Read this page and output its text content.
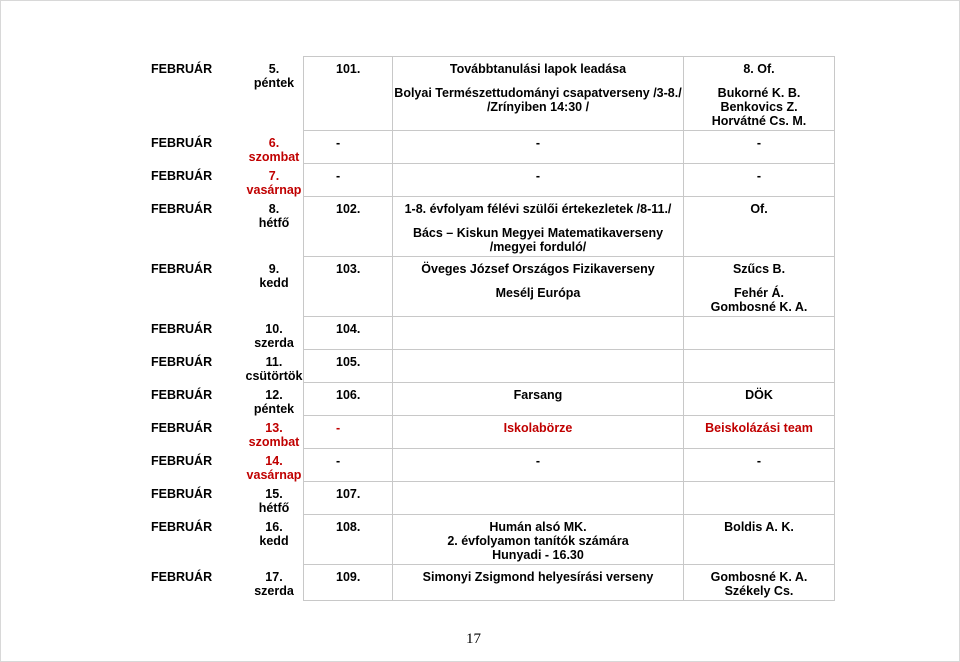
FEBRUÁR	5.
péntek	101.	Továbbtanulási lapok leadása
Bolyai Természettudományi csapatverseny /3-8./
/Zrínyiben 14:30 /	8. Of.
Bukorné K. B.
Benkovics Z.
Horvátné Cs. M.

FEBRUÁR	6.
szombat	-	-	-

FEBRUÁR	7.
vasárnap	-	-	-

FEBRUÁR	8.
hétfő	102.	1-8. évfolyam félévi szülői értekezletek /8-11./
Bács – Kiskun Megyei Matematikaverseny
/megyei forduló/	Of.

FEBRUÁR	9.
kedd	103.	Öveges József Országos Fizikaverseny
Mesélj Európa	Szűcs B.
Fehér Á.
Gombosné K. A.

FEBRUÁR	10.
szerda	104.		
FEBRUÁR	11.
csütörtök	105.		
FEBRUÁR	12.
péntek	106.	Farsang	DÖK

FEBRUÁR	13.
szombat	-	Iskolabörze	Beiskolázási team

FEBRUÁR	14.
vasárnap	-	-	-

FEBRUÁR	15.
hétfő	107.		
FEBRUÁR	16.
kedd	108.	Humán alsó MK.
2. évfolyamon tanítók számára
Hunyadi - 16.30	Boldis A. K.

FEBRUÁR	17.
szerda	109.	Simonyi Zsigmond helyesírási verseny	Gombosné K. A.
Székely Cs.
17
